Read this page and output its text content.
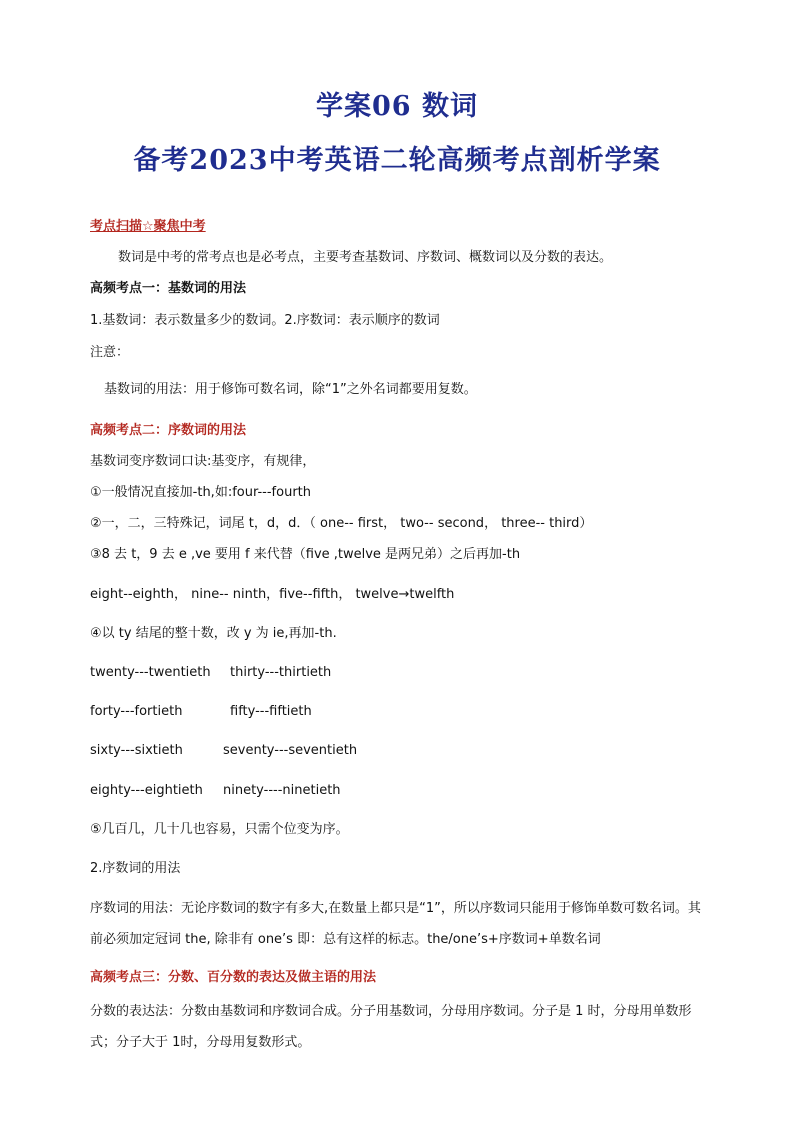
学案06 数词
备考2023中考英语二轮高频考点剖析学案
考点扫描☆聚焦中考
数词是中考的常考点也是必考点，主要考查基数词、序数词、概数词以及分数的表达。
高频考点一：基数词的用法
1.基数词：表示数量多少的数词。2.序数词：表示顺序的数词
注意：
基数词的用法：用于修饰可数名词，除“1”之外名词都要用复数。
高频考点二：序数词的用法
基数词变序数词口诀:基变序，有规律，
①一般情况直接加-th,如:four---fourth
②一，二，三特殊记，词尾 t，d，d．（ one-- first， two-- second， three-- third）
③8 去 t，9 去 e ,ve 要用 f 来代替（five ,twelve 是两兄弟）之后再加-th
eight--eighth， nine-- ninth，five--fifth， twelve→twelfth
④以 ty 结尾的整十数，改 y 为 ie,再加-th.
twenty---twentieth thirty---thirtieth
forty---fortieth	fifty---fiftieth
sixty---sixtieth	seventy---seventieth
eighty---eightieth ninety----ninetieth
⑤几百几，几十几也容易，只需个位变为序。
2.序数词的用法
序数词的用法：无论序数词的数字有多大,在数量上都只是“1”，所以序数词只能用于修饰单数可数名词。其前必须加定冠词 the, 除非有 one’s 即：总有这样的标志。the/one’s+序数词+单数名词
高频考点三：分数、百分数的表达及做主语的用法
分数的表达法：分数由基数词和序数词合成。分子用基数词，分母用序数词。分子是 1 时，分母用单数形式；分子大于 1时，分母用复数形式。
